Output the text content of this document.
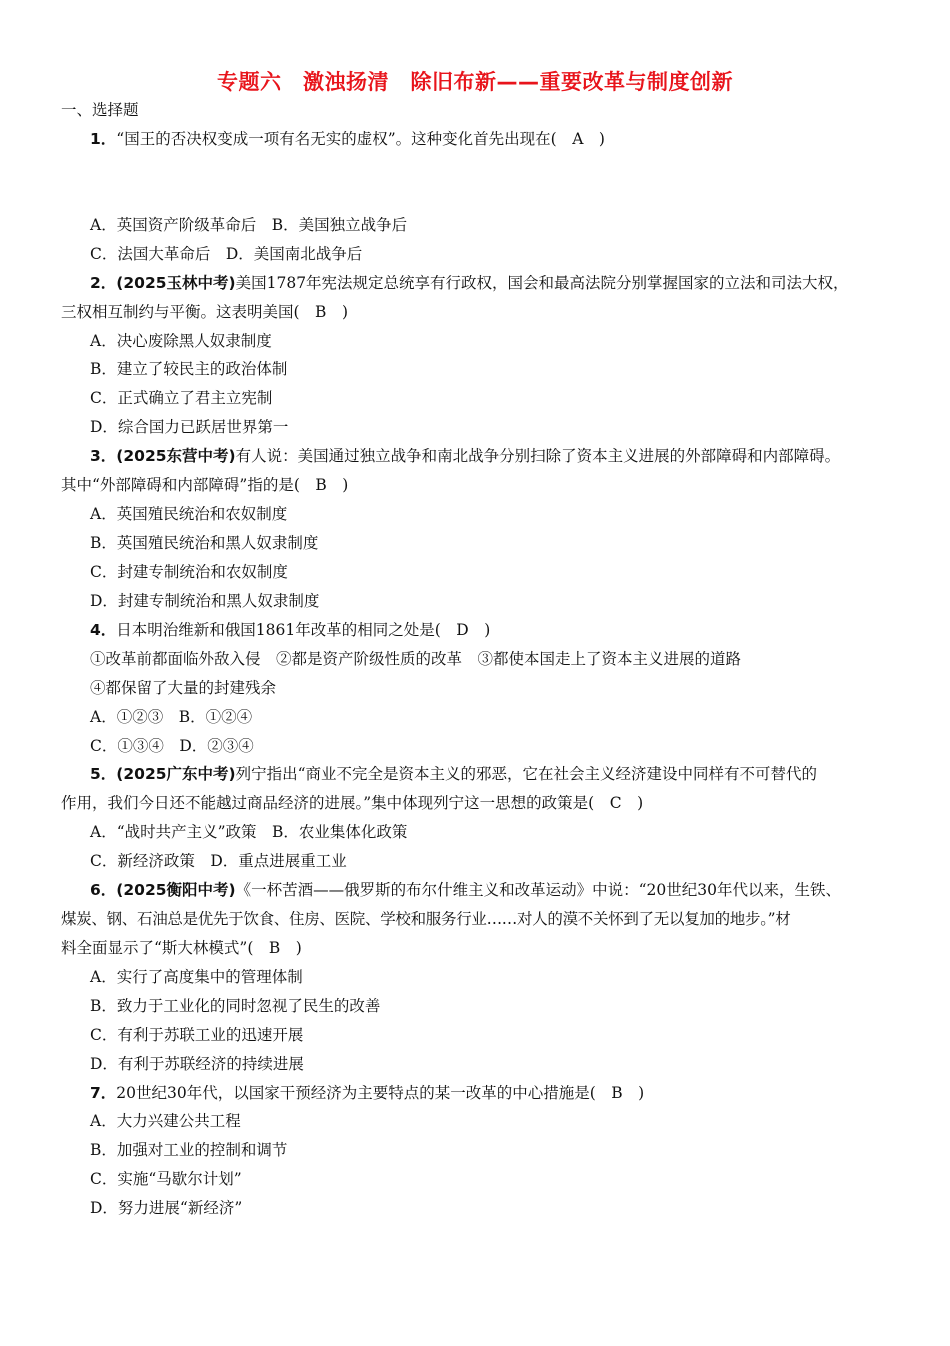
专题六　激浊扬清　除旧布新——重要改革与制度创新
一、选择题
1．“国王的否决权变成一项有名无实的虚权”。这种变化首先出现在(　A　)
A．英国资产阶级革命后　B．美国独立战争后
C．法国大革命后　D．美国南北战争后
2．(2025玉林中考)美国1787年宪法规定总统享有行政权，国会和最高法院分别掌握国家的立法和司法大权，
三权相互制约与平衡。这表明美国(　B　)
A．决心废除黑人奴隶制度
B．建立了较民主的政治体制
C．正式确立了君主立宪制
D．综合国力已跃居世界第一
3．(2025东营中考)有人说：美国通过独立战争和南北战争分别扫除了资本主义进展的外部障碍和内部障碍。
其中“外部障碍和内部障碍”指的是(　B　)
A．英国殖民统治和农奴制度
B．英国殖民统治和黑人奴隶制度
C．封建专制统治和农奴制度
D．封建专制统治和黑人奴隶制度
4．日本明治维新和俄国1861年改革的相同之处是(　D　)
①改革前都面临外敌入侵　②都是资产阶级性质的改革　③都使本国走上了资本主义进展的道路
④都保留了大量的封建残余
A．①②③　B．①②④
C．①③④　D．②③④
5．(2025广东中考)列宁指出“商业不完全是资本主义的邪恶，它在社会主义经济建设中同样有不可替代的
作用，我们今日还不能越过商品经济的进展。”集中体现列宁这一思想的政策是(　C　)
A．“战时共产主义”政策　B．农业集体化政策
C．新经济政策　D．重点进展重工业
6．(2025衡阳中考)《一杯苦酒——俄罗斯的布尔什维主义和改革运动》中说：“20世纪30年代以来，生铁、
煤炭、钢、石油总是优先于饮食、住房、医院、学校和服务行业……对人的漠不关怀到了无以复加的地步。”材
料全面显示了“斯大林模式”(　B　)
A．实行了高度集中的管理体制
B．致力于工业化的同时忽视了民生的改善
C．有利于苏联工业的迅速开展
D．有利于苏联经济的持续进展
7．20世纪30年代，以国家干预经济为主要特点的某一改革的中心措施是(　B　)
A．大力兴建公共工程
B．加强对工业的控制和调节
C．实施“马歇尔计划”
D．努力进展“新经济”
